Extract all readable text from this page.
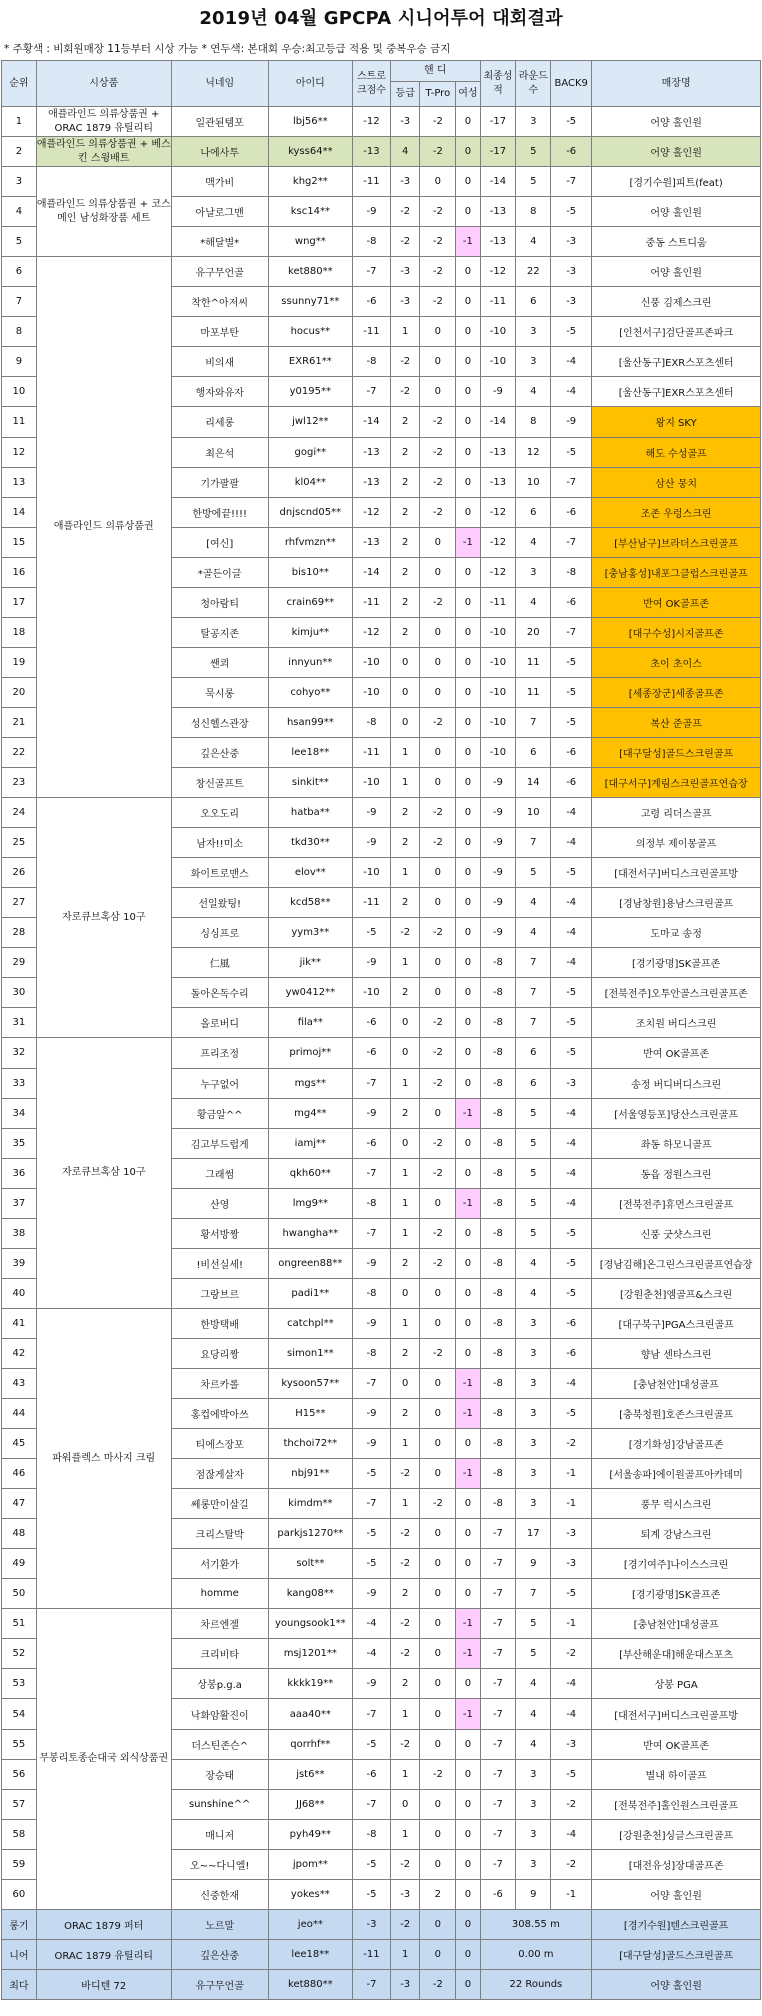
2019년 04월 GPCPA 시니어투어 대회결과
* 주황색 : 비회원매장 11등부터 시상 가능 * 연두색: 본대회 우승:최고등급 적용 및 중복우승 금지
순위	시상품	닉네임	아이디	스트로크점수	핸 디			최종성적	라운드수	BACK9	매장명
					등급	T-Pro	여성				
1	애플라인드 의류상품권 + ORAC 1879 유틸리티	일관된템포	lbj56**	-12	-3	-2	0	-17	3	-5	어양 홀인원
2	애플라인드 의류상품권 + 베스킨 스윙배트	나에사투	kyss64**	-13	4	-2	0	-17	5	-6	어양 홀인원
3	애플라인드 의류상품권 + 코스메인 남성화장품 세트	맥가비	khg2**	-11	-3	0	0	-14	5	-7	[경기수원]피트(feat)
4		아날로그맨	ksc14**	-9	-2	-2	0	-13	8	-5	어양 홀인원
5		*해달별*	wng**	-8	-2	-2	-1	-13	4	-3	중동 스트디움
6	애플라인드 의류상품권	유구무언골	ket880**	-7	-3	-2	0	-12	22	-3	어양 홀인원
7		착한^아저씨	ssunny71**	-6	-3	-2	0	-11	6	-3	신풍 김제스크린
8		마포부탄	hocus**	-11	1	0	0	-10	3	-5	[인천서구]검단골프존파크
9		비의새	EXR61**	-8	-2	0	0	-10	3	-4	[울산동구]EXR스포츠센터
10		행자와유자	y0195**	-7	-2	0	0	-9	4	-4	[울산동구]EXR스포츠센터
11		리세롱	jwl12**	-14	2	-2	0	-14	8	-9	왕지 SKY
12		최은석	gogi**	-13	2	-2	0	-13	12	-5	해도 수성골프
13		기가팔팔	kl04**	-13	2	-2	0	-13	10	-7	삼산 뭉치
14		한방에끝!!!!	dnjscnd05**	-12	2	-2	0	-12	6	-6	조존 우렁스크린
15		[여신]	rhfvmzn**	-13	2	0	-1	-12	4	-7	[부산남구]브라더스크린골프
16		*골든이글	bis10**	-14	2	0	0	-12	3	-8	[충남홍성]내포그클럽스크린골프
17		청아람티	crain69**	-11	2	-2	0	-11	4	-6	반여 OK골프존
18		탈공지존	kimju**	-12	2	0	0	-10	20	-7	[대구수성]시지골프존
19		쌘쾨	innyun**	-10	0	0	0	-10	11	-5	초이 초이스
20		묵시롱	cohyo**	-10	0	0	0	-10	11	-5	[세종장군]세종골프존
21		성신헬스관장	hsan99**	-8	0	-2	0	-10	7	-5	복산 준골프
22		깊은산중	lee18**	-11	1	0	0	-10	6	-6	[대구달성]골드스크린골프
23		창신골프트	sinkit**	-10	1	0	0	-9	14	-6	[대구서구]계림스크린골프연습장
24	자로큐브혹삼 10구	오오도리	hatba**	-9	2	-2	0	-9	10	-4	고령 리더스골프
25		남자!!미소	tkd30**	-9	2	-2	0	-9	7	-4	의정부 제이몽골프
26		화이트로맨스	elov**	-10	1	0	0	-9	5	-5	[대전서구]버디스크린골프방
27		선일왔팅!	kcd58**	-11	2	0	0	-9	4	-4	[경남창원]용남스크린골프
28		싱싱프로	yym3**	-5	-2	-2	0	-9	4	-4	도마교 송정
29		仁風	jik**	-9	1	0	0	-8	7	-4	[경기광명]SK골프존
30		돌아온독수리	yw0412**	-10	2	0	0	-8	7	-5	[전북전주]오투안골스크린골프존
31		올로버디	fila**	-6	0	-2	0	-8	7	-5	조치원 버디스크린
32	자로큐브혹삼 10구	프리조정	primoj**	-6	0	-2	0	-8	6	-5	반여 OK골프존
33		누구없어	mgs**	-7	1	-2	0	-8	6	-3	송정 버디버디스크린
34		황금알^^	mg4**	-9	2	0	-1	-8	5	-4	[서울영등포]당산스크린골프
35		김고부드럽게	iamj**	-6	0	-2	0	-8	5	-4	좌동 하모니골프
36		그래썸	qkh60**	-7	1	-2	0	-8	5	-4	동읍 정원스크린
37		산영	lmg9**	-8	1	0	-1	-8	5	-4	[전북전주]휴먼스크린골프
38		황서방짱	hwangha**	-7	1	-2	0	-8	5	-5	신풍 굿샷스크린
39		!비선실세!	ongreen88**	-9	2	-2	0	-8	4	-5	[경남김해]온그린스크린골프연습장
40		그랑브르	padi1**	-8	0	0	0	-8	4	-5	[강원춘천]엠골프&스크린
41	파워플렉스 마사지 크림	한방택배	catchpl**	-9	1	0	0	-8	3	-6	[대구북구]PGA스크린골프
42		요당리짱	simon1**	-8	2	-2	0	-8	3	-6	향남 센타스크린
43		차르카롤	kysoon57**	-7	0	0	-1	-8	3	-4	[충남천안]대성골프
44		홍컵에박아쓰	H15**	-9	2	0	-1	-8	3	-5	[충북청원]호존스크린골프
45		티에스장포	thchoi72**	-9	1	0	0	-8	3	-2	[경기화성]강남골프존
46		점잖게살자	nbj91**	-5	-2	0	-1	-8	3	-1	[서울송파]에이원골프아카데미
47		쎄롱만이살길	kimdm**	-7	1	-2	0	-8	3	-1	풍무 럭시스크린
48		크리스탈박	parkjs1270**	-5	-2	0	0	-7	17	-3	퇴계 강남스크린
49		서기환가	solt**	-5	-2	0	0	-7	9	-3	[경기여주]나이스스크린
50		homme	kang08**	-9	2	0	0	-7	7	-5	[경기광명]SK골프존
51	무봉리토종순대국 외식상품권	차르엔젤	youngsook1**	-4	-2	0	-1	-7	5	-1	[충남천안]대성골프
52		크리비타	msj1201**	-4	-2	0	-1	-7	5	-2	[부산해운대]해운대스포츠
53		상봉p.g.a	kkkk19**	-9	2	0	0	-7	4	-4	상봉 PGA
54		낙화암활진이	aaa40**	-7	1	0	-1	-7	4	-4	[대전서구]버디스크린골프방
55		더스틴존슨^	qorrhf**	-5	-2	0	0	-7	4	-3	반여 OK골프존
56		장승태	jst6**	-6	1	-2	0	-7	3	-5	별내 하이골프
57		sunshine^^	JJ68**	-7	0	0	0	-7	3	-2	[전북전주]홀인원스크린골프
58		매니저	pyh49**	-8	1	0	0	-7	3	-4	[강원춘천]싱글스크린골프
59		오~~다니엘!	jpom**	-5	-2	0	0	-7	3	-2	[대전유성]장대골프존
60		신중한재	yokes**	-5	-3	2	0	-6	9	-1	어양 홀인원
롱기	ORAC 1879 퍼터	노르말	jeo**	-3	-2	0	0	308.55 m			[경기수원]텐스크린골프
니어	ORAC 1879 유틸리티	깊은산중	lee18**	-11	1	0	0	0.00 m			[대구달성]골드스크린골프
최다	바디텐 72	유구무언골	ket880**	-7	-3	-2	0	22 Rounds			어양 홀인원
